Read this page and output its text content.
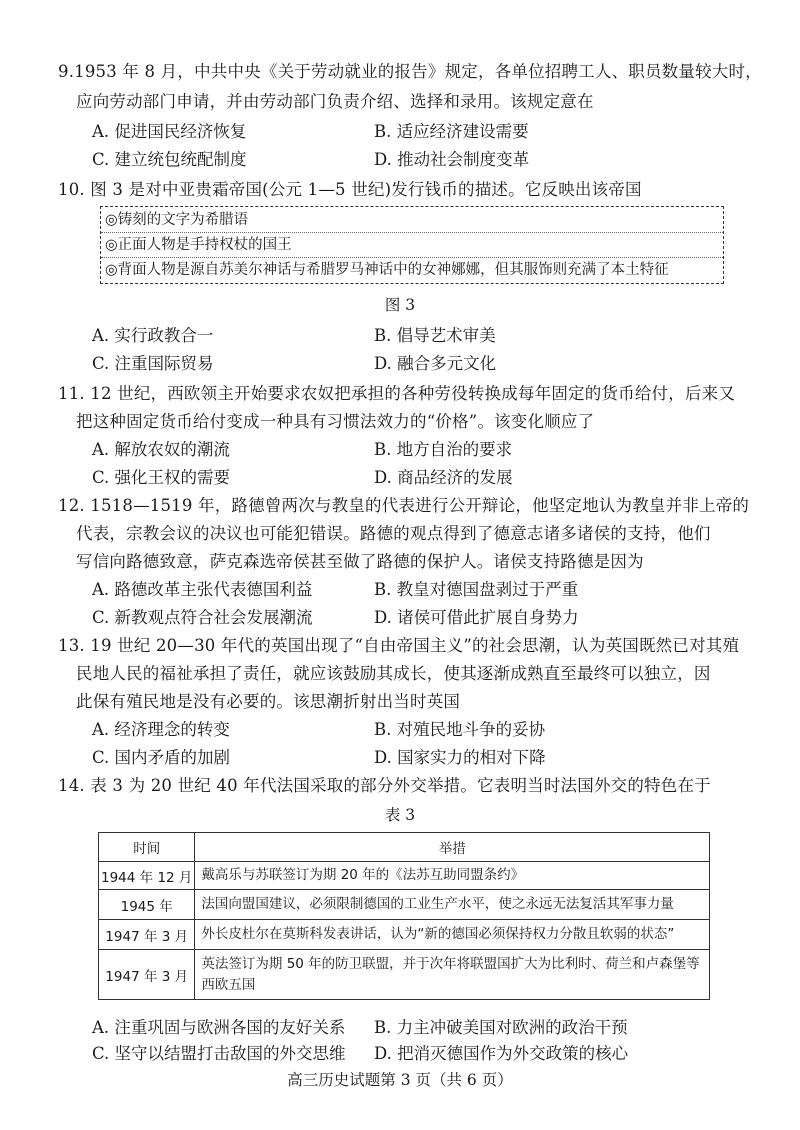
9.1953 年 8 月，中共中央《关于劳动就业的报告》规定，各单位招聘工人、职员数量较大时，
应向劳动部门申请，并由劳动部门负责介绍、选择和录用。该规定意在
A. 促进国民经济恢复	B. 适应经济建设需要
C. 建立统包统配制度	D. 推动社会制度变革
10. 图 3 是对中亚贵霜帝国(公元 1—5 世纪)发行钱币的描述。它反映出该帝国
◎铸刻的文字为希腊语
◎正面人物是手持权杖的国王
◎背面人物是源自苏美尔神话与希腊罗马神话中的女神娜娜，但其服饰则充满了本土特征
图 3
A. 实行政教合一	B. 倡导艺术审美
C. 注重国际贸易	D. 融合多元文化
11. 12 世纪，西欧领主开始要求农奴把承担的各种劳役转换成每年固定的货币给付，后来又
把这种固定货币给付变成一种具有习惯法效力的“价格”。该变化顺应了
A. 解放农奴的潮流	B. 地方自治的要求
C. 强化王权的需要	D. 商品经济的发展
12. 1518—1519 年，路德曾两次与教皇的代表进行公开辩论，他坚定地认为教皇并非上帝的
代表，宗教会议的决议也可能犯错误。路德的观点得到了德意志诸多诸侯的支持，他们
写信向路德致意，萨克森选帝侯甚至做了路德的保护人。诸侯支持路德是因为
A. 路德改革主张代表德国利益	B. 教皇对德国盘剥过于严重
C. 新教观点符合社会发展潮流	D. 诸侯可借此扩展自身势力
13. 19 世纪 20—30 年代的英国出现了“自由帝国主义”的社会思潮，认为英国既然已对其殖
民地人民的福祉承担了责任，就应该鼓励其成长，使其逐渐成熟直至最终可以独立，因
此保有殖民地是没有必要的。该思潮折射出当时英国
A. 经济理念的转变	B. 对殖民地斗争的妥协
C. 国内矛盾的加剧	D. 国家实力的相对下降
14. 表 3 为 20 世纪 40 年代法国采取的部分外交举措。它表明当时法国外交的特色在于
表 3
时间	举措
1944 年 12 月	戴高乐与苏联签订为期 20 年的《法苏互助同盟条约》
1945 年	法国向盟国建议，必须限制德国的工业生产水平，使之永远无法复活其军事力量
1947 年 3 月	外长皮杜尔在莫斯科发表讲话，认为“新的德国必须保持权力分散且软弱的状态”
1947 年 3 月	英法签订为期 50 年的防卫联盟，并于次年将联盟国扩大为比利时、荷兰和卢森堡等西欧五国
A. 注重巩固与欧洲各国的友好关系 B. 力主冲破美国对欧洲的政治干预
C. 坚守以结盟打击敌国的外交思维 D. 把消灭德国作为外交政策的核心
高三历史试题第 3 页（共 6 页）
